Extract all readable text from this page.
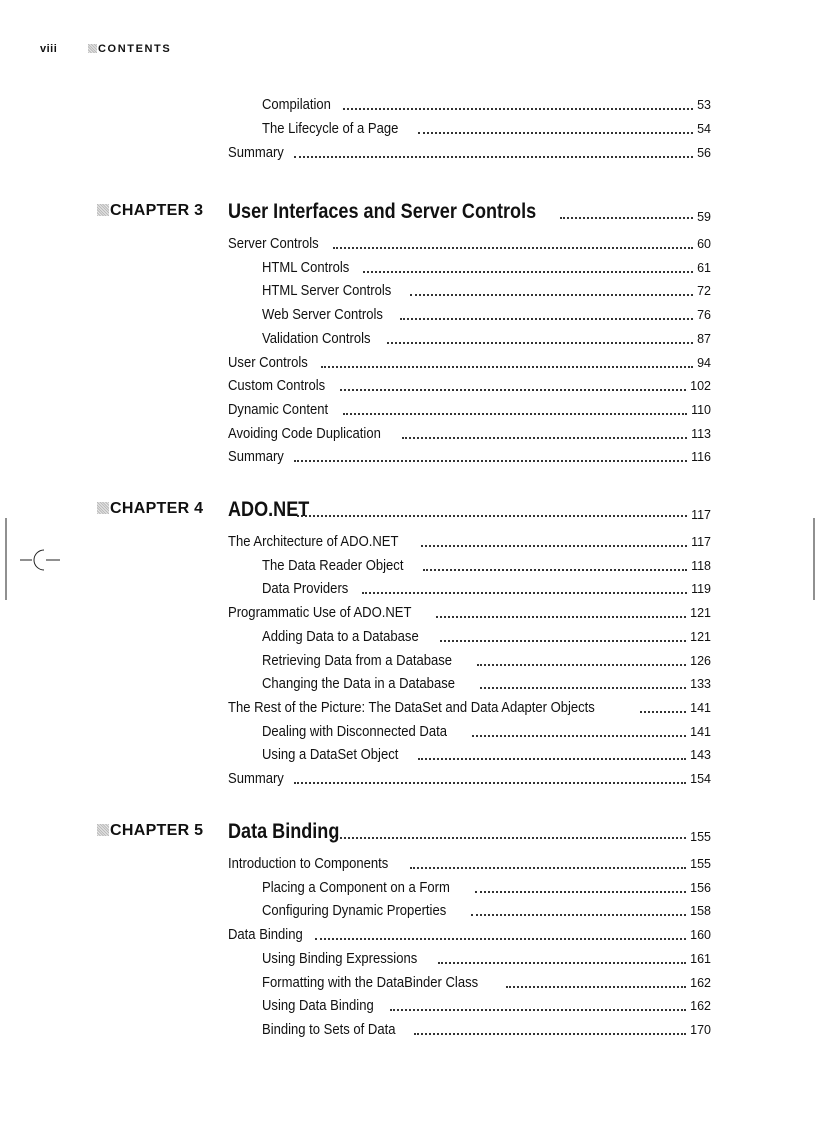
viii	CONTENTS
Compilation	53
The Lifecycle of a Page	54
Summary	56
CHAPTER 3 User Interfaces and Server Controls	59
Server Controls	60
HTML Controls	61
HTML Server Controls	72
Web Server Controls	76
Validation Controls	87
User Controls	94
Custom Controls	102
Dynamic Content	110
Avoiding Code Duplication	113
Summary	116
CHAPTER 4 ADO.NET	117
The Architecture of ADO.NET	117
The Data Reader Object	118
Data Providers	119
Programmatic Use of ADO.NET	121
Adding Data to a Database	121
Retrieving Data from a Database	126
Changing the Data in a Database	133
The Rest of the Picture: The DataSet and Data Adapter Objects	141
Dealing with Disconnected Data	141
Using a DataSet Object	143
Summary	154
CHAPTER 5 Data Binding	155
Introduction to Components	155
Placing a Component on a Form	156
Configuring Dynamic Properties	158
Data Binding	160
Using Binding Expressions	161
Formatting with the DataBinder Class	162
Using Data Binding	162
Binding to Sets of Data	170
